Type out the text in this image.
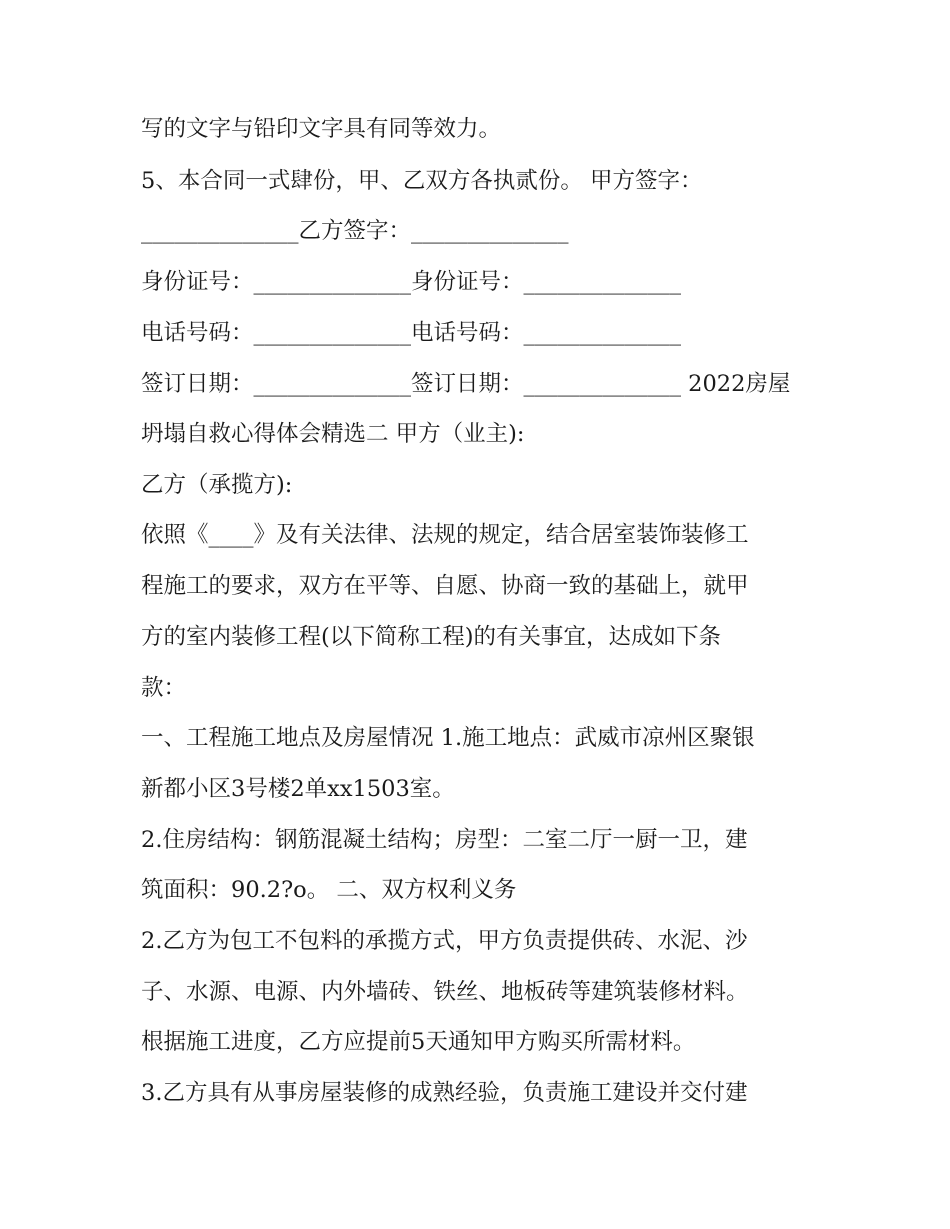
写的文字与铅印文字具有同等效力。
5、本合同一式肆份，甲、乙双方各执贰份。 甲方签字：
______________乙方签字：______________
身份证号：______________身份证号：______________
电话号码：______________电话号码：______________
签订日期：______________签订日期：______________ 2022房屋
坍塌自救心得体会精选二 甲方（业主):
乙方（承揽方):
依照《____》及有关法律、法规的规定，结合居室装饰装修工
程施工的要求，双方在平等、自愿、协商一致的基础上，就甲
方的室内装修工程(以下简称工程)的有关事宜，达成如下条
款：
一、工程施工地点及房屋情况 1.施工地点：武威市凉州区聚银
新都小区3号楼2单xx1503室。
2.住房结构：钢筋混凝土结构；房型：二室二厅一厨一卫，建
筑面积：90.2?o。 二、双方权利义务
2.乙方为包工不包料的承揽方式，甲方负责提供砖、水泥、沙
子、水源、电源、内外墙砖、铁丝、地板砖等建筑装修材料。
根据施工进度，乙方应提前5天通知甲方购买所需材料。
3.乙方具有从事房屋装修的成熟经验，负责施工建设并交付建
